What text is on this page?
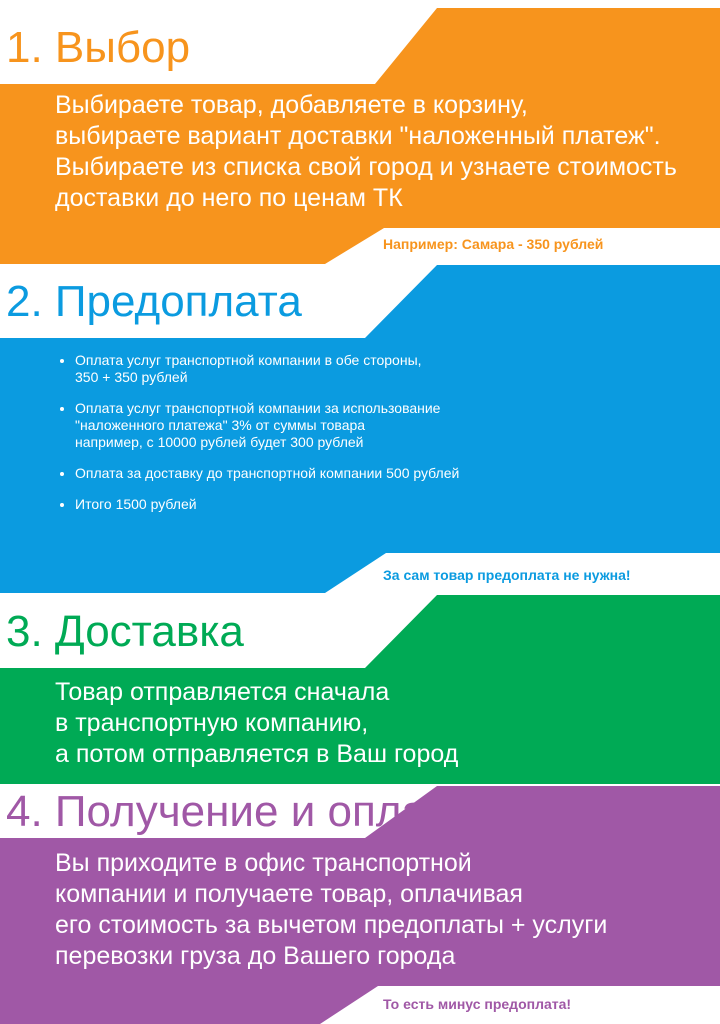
1. Выбор

Выбираете товар, добавляете в корзину,
выбираете вариант доставки "наложенный платеж".
Выбираете из списка свой город и узнаете стоимость
доставки до него по ценам ТК

Например: Самара - 350 рублей

2. Предоплата
• Оплата услуг транспортной компании в обе стороны,
350 + 350 рублей
• Оплата услуг транспортной компании за использование
"наложенного платежа" 3% от суммы товара
например, с 10000 рублей будет 300 рублей
• Оплата за доставку до транспортной компании 500 рублей
• Итого 1500 рублей

За сам товар предоплата не нужна!

3. Доставка

Товар отправляется сначала
в транспортную компанию,
а потом отправляется в Ваш город

4. Получение и оплата

Вы приходите в офис транспортной
компании и получаете товар, оплачивая
его стоимость за вычетом предоплаты + услуги
перевозки груза до Вашего города

То есть минус предоплата!
